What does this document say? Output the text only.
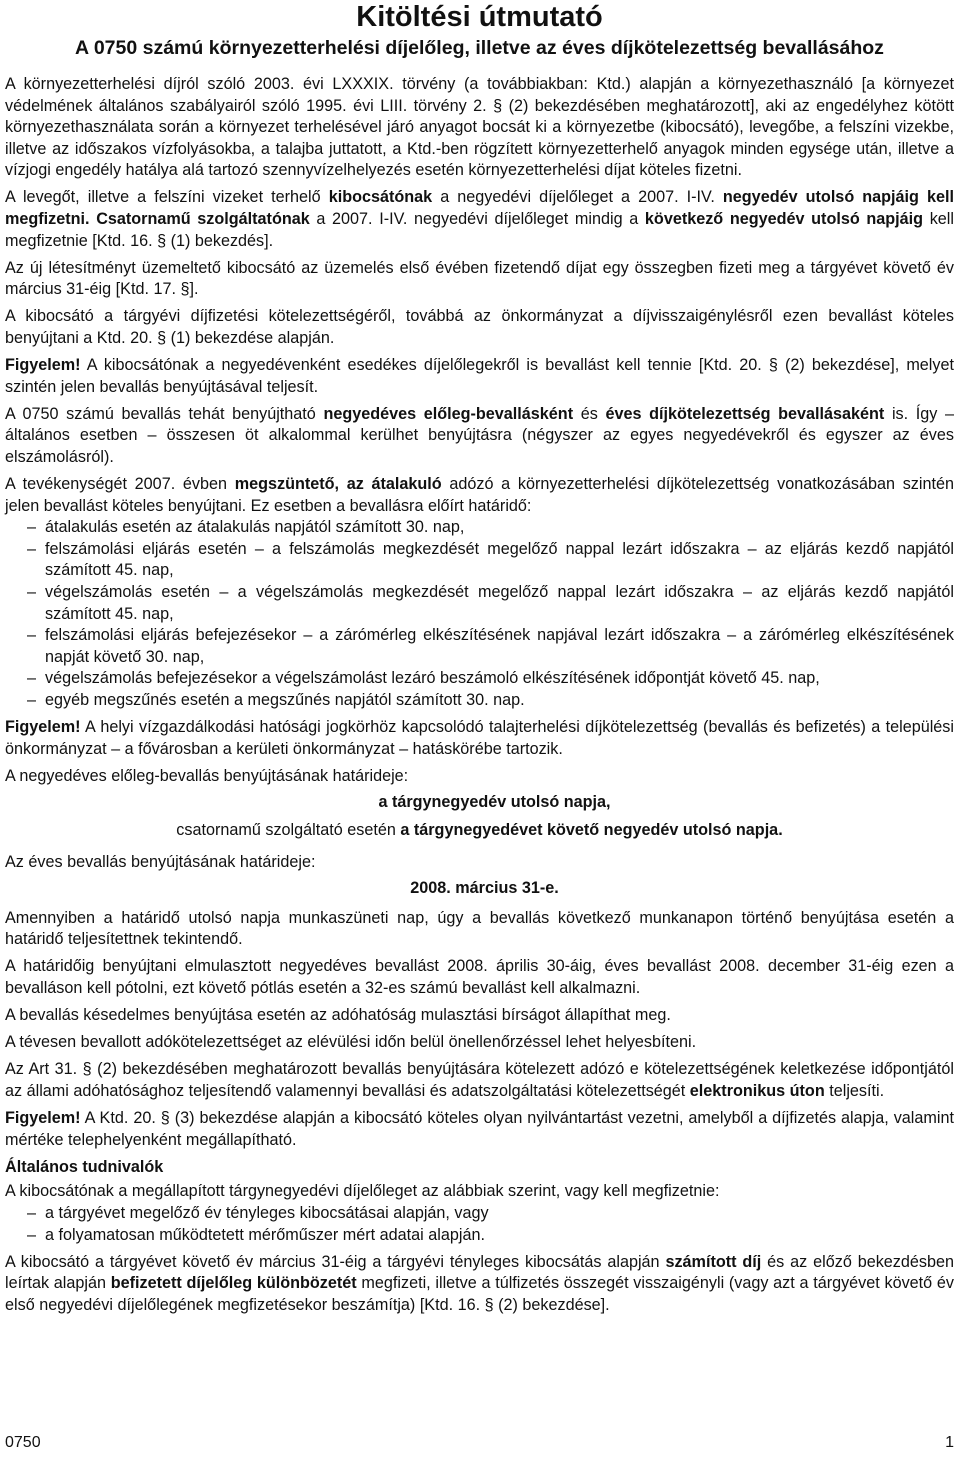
Kitöltési útmutató
A 0750 számú környezetterhelési díjelőleg, illetve az éves díjkötelezettség bevallásához

A környezetterhelési díjról szóló 2003. évi LXXXIX. törvény (a továbbiakban: Ktd.) alapján a környezethasználó [a környezet védelmének általános szabályairól szóló 1995. évi LIII. törvény 2. § (2) bekezdésében meghatározott], aki az engedélyhez kötött környezethasználata során a környezet terhelésével járó anyagot bocsát ki a környezetbe (kibocsátó), levegőbe, a felszíni vizekbe, illetve az időszakos vízfolyásokba, a talajba juttatott, a Ktd.-ben rögzített környezetterhelő anyagok minden egysége után, illetve a vízjogi engedély hatálya alá tartozó szennyvízelhelyezés esetén környezetterhelési díjat köteles fizetni.

A levegőt, illetve a felszíni vizeket terhelő kibocsátónak a negyedévi díjelőleget a 2007. I-IV. negyedév utolsó napjáig kell megfizetni. Csatornamű szolgáltatónak a 2007. I-IV. negyedévi díjelőleget mindig a következő negyedév utolsó napjáig kell megfizetnie [Ktd. 16. § (1) bekezdés].

Az új létesítményt üzemeltető kibocsátó az üzemelés első évében fizetendő díjat egy összegben fizeti meg a tárgyévet követő év március 31-éig [Ktd. 17. §].

A kibocsátó a tárgyévi díjfizetési kötelezettségéről, továbbá az önkormányzat a díjvisszaigénylésről ezen bevallást köteles benyújtani a Ktd. 20. § (1) bekezdése alapján.

Figyelem! A kibocsátónak a negyedévenként esedékes díjelőlegekről is bevallást kell tennie [Ktd. 20. § (2) bekezdése], melyet szintén jelen bevallás benyújtásával teljesít.

A 0750 számú bevallás tehát benyújtható negyedéves előleg-bevallásként és éves díjkötelezettség bevallásaként is. Így – általános esetben – összesen öt alkalommal kerülhet benyújtásra (négyszer az egyes negyedévekről és egyszer az éves elszámolásról).

A tevékenységét 2007. évben megszüntető, az átalakuló adózó a környezetterhelési díjkötelezettség vonatkozásában szintén jelen bevallást köteles benyújtani. Ez esetben a bevallásra előírt határidő:

– átalakulás esetén az átalakulás napjától számított 30. nap,
– felszámolási eljárás esetén – a felszámolás megkezdését megelőző nappal lezárt időszakra – az eljárás kezdő napjától számított 45. nap,
– végelszámolás esetén – a végelszámolás megkezdését megelőző nappal lezárt időszakra – az eljárás kezdő napjától számított 45. nap,
– felszámolási eljárás befejezésekor – a zárómérleg elkészítésének napjával lezárt időszakra – a zárómérleg elkészítésének napját követő 30. nap,
– végelszámolás befejezésekor a végelszámolást lezáró beszámoló elkészítésének időpontját követő 45. nap,
– egyéb megszűnés esetén a megszűnés napjától számított 30. nap.

Figyelem! A helyi vízgazdálkodási hatósági jogkörhöz kapcsolódó talajterhelési díjkötelezettség (bevallás és befizetés) a települési önkormányzat – a fővárosban a kerületi önkormányzat – hatáskörébe tartozik.

A negyedéves előleg-bevallás benyújtásának határideje:

a tárgynegyedév utolsó napja,
csatornamű szolgáltató esetén a tárgynegyedévet követő negyedév utolsó napja.

Az éves bevallás benyújtásának határideje:

2008. március 31-e.

Amennyiben a határidő utolsó napja munkaszüneti nap, úgy a bevallás következő munkanapon történő benyújtása esetén a határidő teljesítettnek tekintendő.

A határidőig benyújtani elmulasztott negyedéves bevallást 2008. április 30-áig, éves bevallást 2008. december 31-éig ezen a bevalláson kell pótolni, ezt követő pótlás esetén a 32-es számú bevallást kell alkalmazni.

A bevallás késedelmes benyújtása esetén az adóhatóság mulasztási bírságot állapíthat meg.

A tévesen bevallott adókötelezettséget az elévülési időn belül önellenőrzéssel lehet helyesbíteni.

Az Art 31. § (2) bekezdésében meghatározott bevallás benyújtására kötelezett adózó e kötelezettségének keletkezése időpontjától az állami adóhatósághoz teljesítendő valamennyi bevallási és adatszolgáltatási kötelezettségét elektronikus úton teljesíti.

Figyelem! A Ktd. 20. § (3) bekezdése alapján a kibocsátó köteles olyan nyilvántartást vezetni, amelyből a díjfizetés alapja, valamint mértéke telephelyenként megállapítható.

Általános tudnivalók

A kibocsátónak a megállapított tárgynegyedévi díjelőleget az alábbiak szerint, vagy kell megfizetnie:

– a tárgyévet megelőző év tényleges kibocsátásai alapján, vagy
– a folyamatosan működtetett mérőműszer mért adatai alapján.

A kibocsátó a tárgyévet követő év március 31-éig a tárgyévi tényleges kibocsátás alapján számított díj és az előző bekezdésben leírtak alapján befizetett díjelőleg különbözetét megfizeti, illetve a túlfizetés összegét visszaigényli (vagy azt a tárgyévet követő év első negyedévi díjelőlegének megfizetésekor beszámítja) [Ktd. 16. § (2) bekezdése].

0750	1
